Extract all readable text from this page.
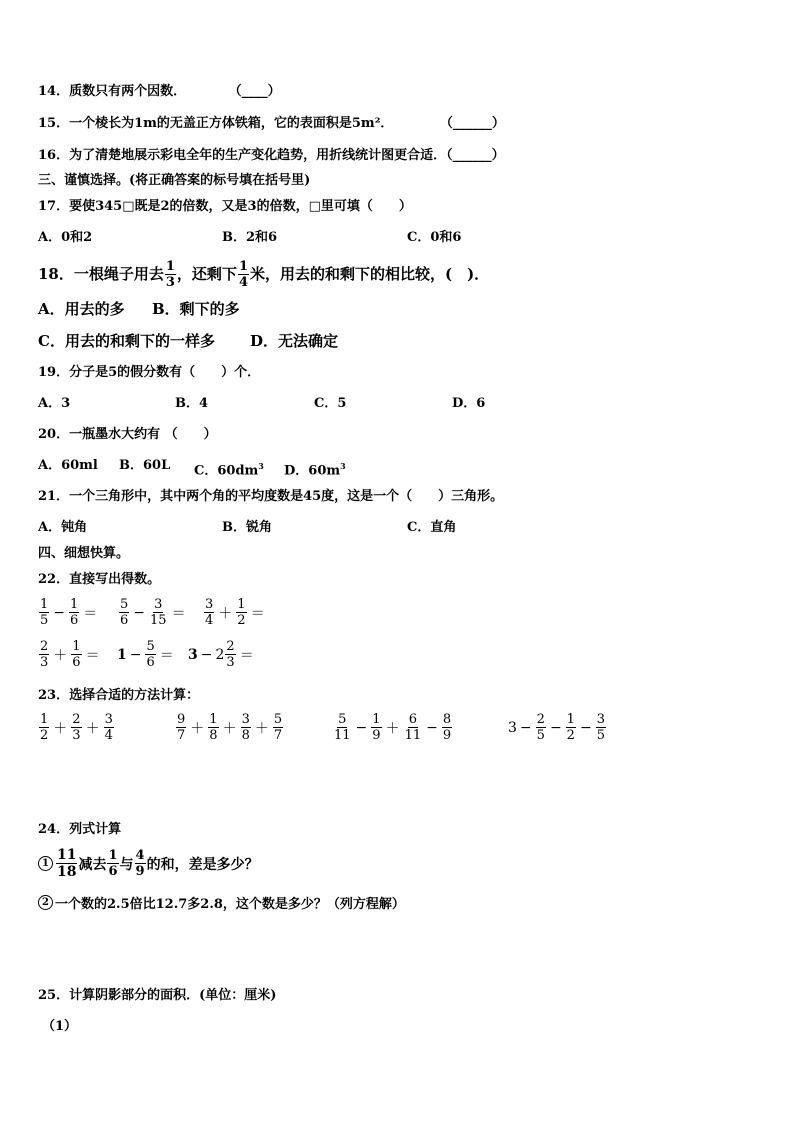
14．质数只有两个因数．	（____）
15．一个棱长为1m的无盖正方体铁箱，它的表面积是5m²．	（______）
16．为了清楚地展示彩电全年的生产变化趋势，用折线统计图更合适．（______）
三、谨慎选择。(将正确答案的标号填在括号里)
17．要使345□既是2的倍数，又是3的倍数，□里可填（　　）
A．0和2	B．2和6	C．0和6
18．一根绳子用去 $\frac{1}{3}$ ，还剩下 $\frac{1}{4}$ 米，用去的和剩下的相比较，(　)．
A．用去的多 B．剩下的多
C．用去的和剩下的一样多 D．无法确定
19．分子是5的假分数有（　　）个．
A．3	B．4	C．5	D．6
20．一瓶墨水大约有 （　　）
A．60ml B．60L C．$60dm^3$ D．$60m^3$
21．一个三角形中，其中两个角的平均度数是45度，这是一个（　　）三角形。
A．钝角	B．锐角	C．直角
四、细想快算。
22．直接写出得数。
$\frac{1}{5} - \frac{1}{6} = \frac{5}{6} - \frac{3}{15} = \frac{3}{4} + \frac{1}{2}$ ＝
$\frac{2}{3} + \frac{1}{6} = 1 - \frac{5}{6} = 3 - 2 \frac{2}{3}$ ＝
23．选择合适的方法计算：
$\frac{1}{2} + \frac{2}{3} + \frac{3}{4}$	$\frac{9}{7} + \frac{1}{8} + \frac{3}{8} + \frac{5}{7}$	$\frac{5}{11} - \frac{1}{9} + \frac{6}{11} - \frac{8}{9}$	$3 - \frac{2}{5} - \frac{1}{2} - \frac{3}{5}$
24．列式计算
$1 \frac{11}{18}$ 减去 $\frac{1}{6}$ 与 $\frac{4}{9}$ 的和，差是多少？
2 一个数的2.5倍比12.7多2.8，这个数是多少？（列方程解）
25．计算阴影部分的面积．(单位：厘米)
（1）
